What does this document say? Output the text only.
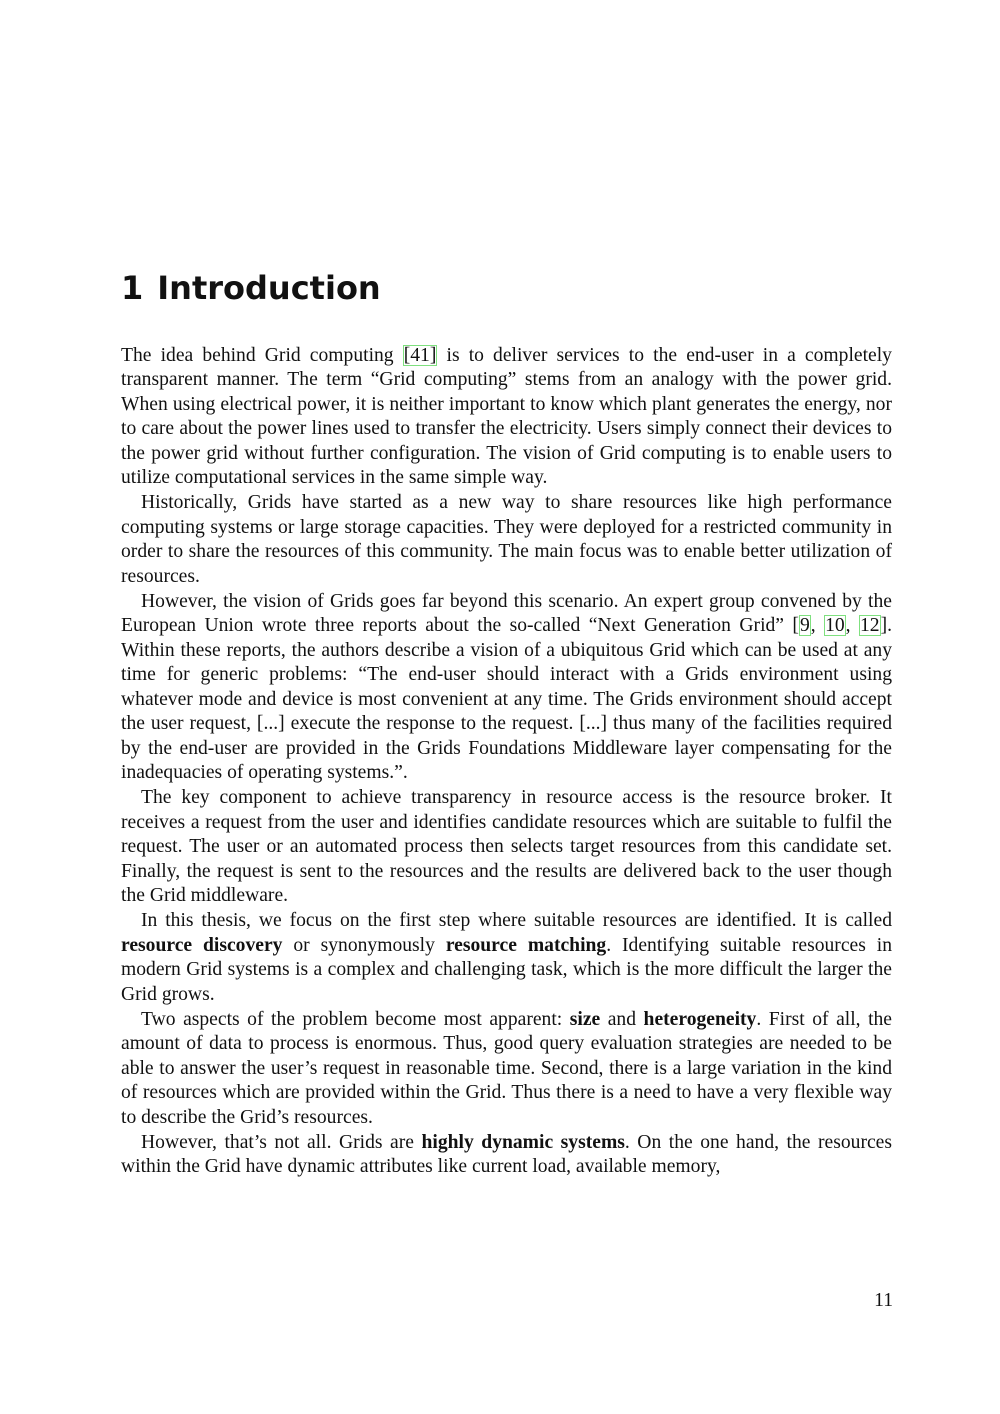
1 Introduction

The idea behind Grid computing [41] is to deliver services to the end-user in a completely transparent manner. The term “Grid computing” stems from an analogy with the power grid. When using electrical power, it is neither important to know which plant generates the energy, nor to care about the power lines used to transfer the electricity. Users simply connect their devices to the power grid without further configuration. The vision of Grid computing is to enable users to utilize computational services in the same simple way.

Historically, Grids have started as a new way to share resources like high performance computing systems or large storage capacities. They were deployed for a restricted community in order to share the resources of this community. The main focus was to enable better utilization of resources.

However, the vision of Grids goes far beyond this scenario. An expert group convened by the European Union wrote three reports about the so-called “Next Generation Grid” [9, 10, 12]. Within these reports, the authors describe a vision of a ubiquitous Grid which can be used at any time for generic problems: “The end-user should interact with a Grids environment using whatever mode and device is most convenient at any time. The Grids environment should accept the user request, [...] execute the response to the request. [...] thus many of the facilities required by the end-user are provided in the Grids Foundations Middleware layer compensating for the inadequacies of operating systems.”.

The key component to achieve transparency in resource access is the resource broker. It receives a request from the user and identifies candidate resources which are suitable to fulfil the request. The user or an automated process then selects target resources from this candidate set. Finally, the request is sent to the resources and the results are delivered back to the user though the Grid middleware.

In this thesis, we focus on the first step where suitable resources are identified. It is called resource discovery or synonymously resource matching. Identifying suitable resources in modern Grid systems is a complex and challenging task, which is the more difficult the larger the Grid grows.

Two aspects of the problem become most apparent: size and heterogeneity. First of all, the amount of data to process is enormous. Thus, good query evaluation strategies are needed to be able to answer the user’s request in reasonable time. Second, there is a large variation in the kind of resources which are provided within the Grid. Thus there is a need to have a very flexible way to describe the Grid’s resources.

However, that’s not all. Grids are highly dynamic systems. On the one hand, the resources within the Grid have dynamic attributes like current load, available memory,

11
